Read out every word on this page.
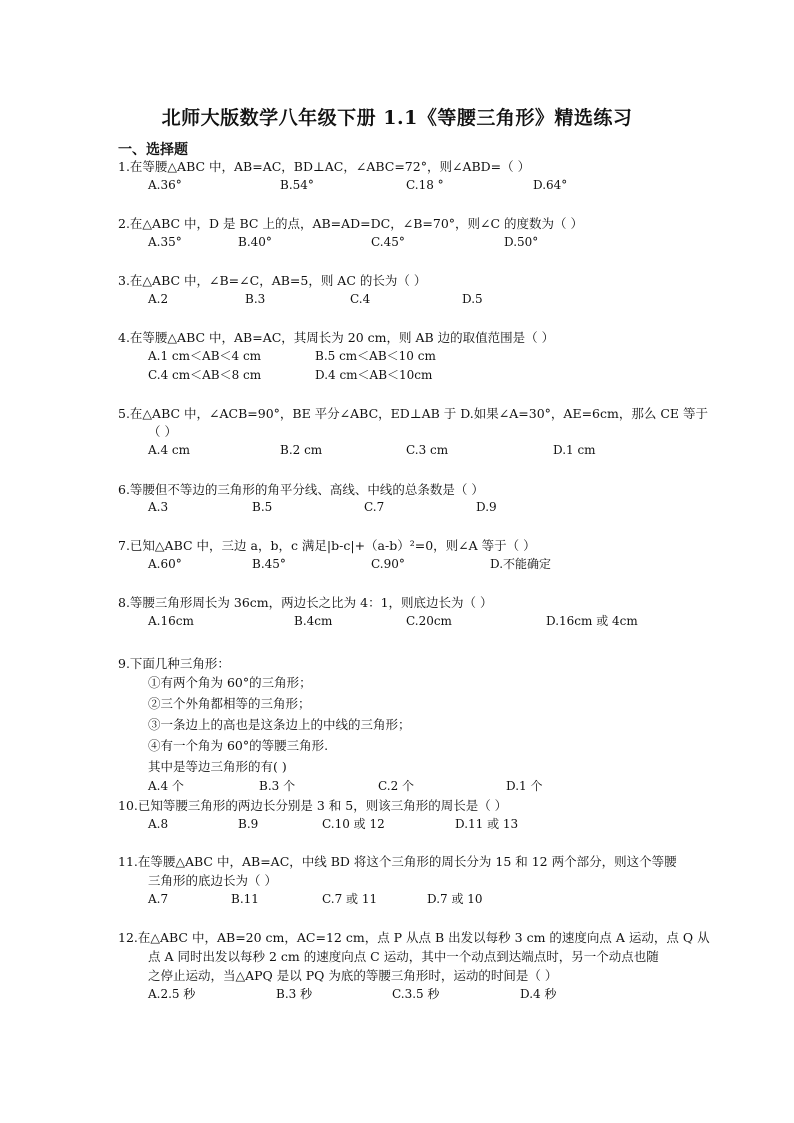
北师大版数学八年级下册 1.1《等腰三角形》精选练习
一、选择题
1.在等腰△ABC 中，AB=AC，BD⊥AC，∠ABC=72°，则∠ABD=（ ）
A.36°	B.54°	C.18 °	D.64°
2.在△ABC 中，D 是 BC 上的点，AB=AD=DC，∠B=70°，则∠C 的度数为（ ）
A.35°	B.40°	C.45°	D.50°
3.在△ABC 中，∠B=∠C，AB=5，则 AC 的长为（ ）
A.2	B.3	C.4	D.5
4.在等腰△ABC 中，AB=AC，其周长为 20 cm，则 AB 边的取值范围是（ ）
A.1 cm＜AB＜4 cm	B.5 cm＜AB＜10 cm
C.4 cm＜AB＜8 cm	D.4 cm＜AB＜10cm
5.在△ABC 中，∠ACB=90°，BE 平分∠ABC，ED⊥AB 于 D.如果∠A=30°，AE=6cm，那么 CE 等于
（ ）
A.4 cm	B.2 cm	C.3 cm	D.1 cm
6.等腰但不等边的三角形的角平分线、高线、中线的总条数是（ ）
A.3	B.5	C.7	D.9
7.已知△ABC 中，三边 a，b，c 满足|b-c|+（a-b）²=0，则∠A 等于（ ）
A.60°	B.45°	C.90°	D.不能确定
8.等腰三角形周长为 36cm，两边长之比为 4：1，则底边长为（ ）
A.16cm	B.4cm	C.20cm	D.16cm 或 4cm
9.下面几种三角形：
①有两个角为 60°的三角形；
②三个外角都相等的三角形；
③一条边上的高也是这条边上的中线的三角形；
④有一个角为 60°的等腰三角形.
其中是等边三角形的有( )
A.4 个	B.3 个	C.2 个	D.1 个
10.已知等腰三角形的两边长分别是 3 和 5，则该三角形的周长是（ ）
A.8	B.9	C.10 或 12	D.11 或 13
11.在等腰△ABC 中，AB=AC，中线 BD 将这个三角形的周长分为 15 和 12 两个部分，则这个等腰
三角形的底边长为（ ）
A.7	B.11	C.7 或 11	D.7 或 10
12.在△ABC 中，AB=20 cm，AC=12 cm，点 P 从点 B 出发以每秒 3 cm 的速度向点 A 运动，点 Q 从
点 A 同时出发以每秒 2 cm 的速度向点 C 运动，其中一个动点到达端点时，另一个动点也随
之停止运动，当△APQ 是以 PQ 为底的等腰三角形时，运动的时间是（ ）
A.2.5 秒	B.3 秒	C.3.5 秒	D.4 秒
